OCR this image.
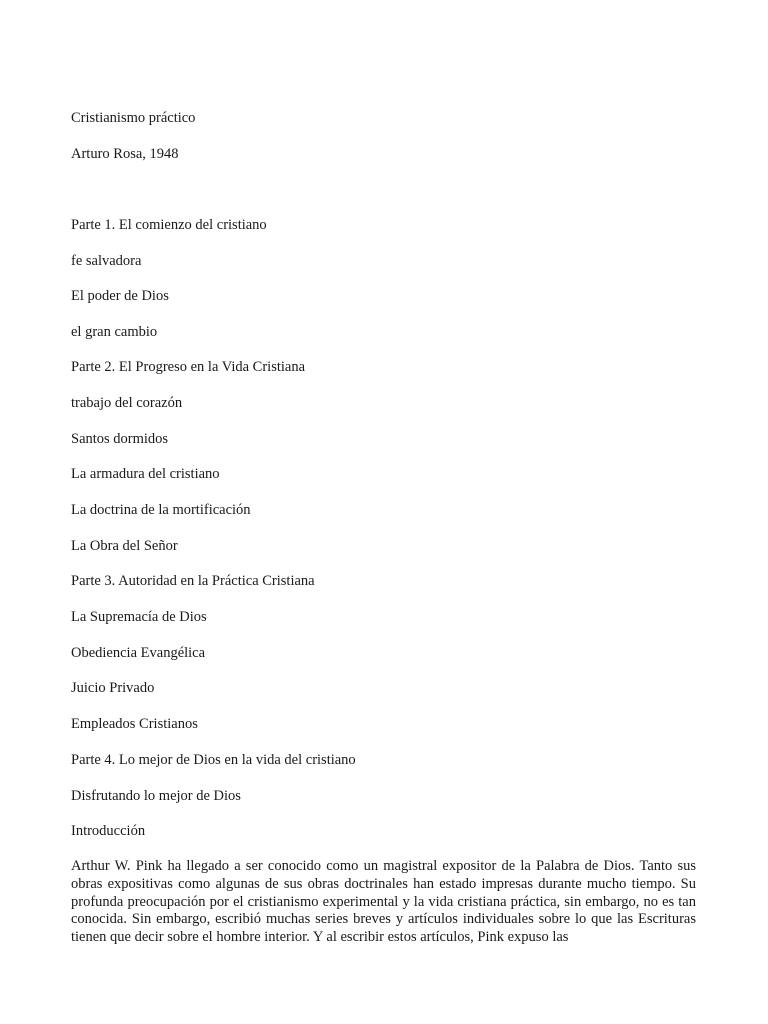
Cristianismo práctico
Arturo Rosa, 1948
Parte 1. El comienzo del cristiano
fe salvadora
El poder de Dios
el gran cambio
Parte 2. El Progreso en la Vida Cristiana
trabajo del corazón
Santos dormidos
La armadura del cristiano
La doctrina de la mortificación
La Obra del Señor
Parte 3. Autoridad en la Práctica Cristiana
La Supremacía de Dios
Obediencia Evangélica
Juicio Privado
Empleados Cristianos
Parte 4. Lo mejor de Dios en la vida del cristiano
Disfrutando lo mejor de Dios
Introducción
Arthur W. Pink ha llegado a ser conocido como un magistral expositor de la Palabra de Dios. Tanto sus obras expositivas como algunas de sus obras doctrinales han estado impresas durante mucho tiempo. Su profunda preocupación por el cristianismo experimental y la vida cristiana práctica, sin embargo, no es tan conocida. Sin embargo, escribió muchas series breves y artículos individuales sobre lo que las Escrituras tienen que decir sobre el hombre interior. Y al escribir estos artículos, Pink expuso las
